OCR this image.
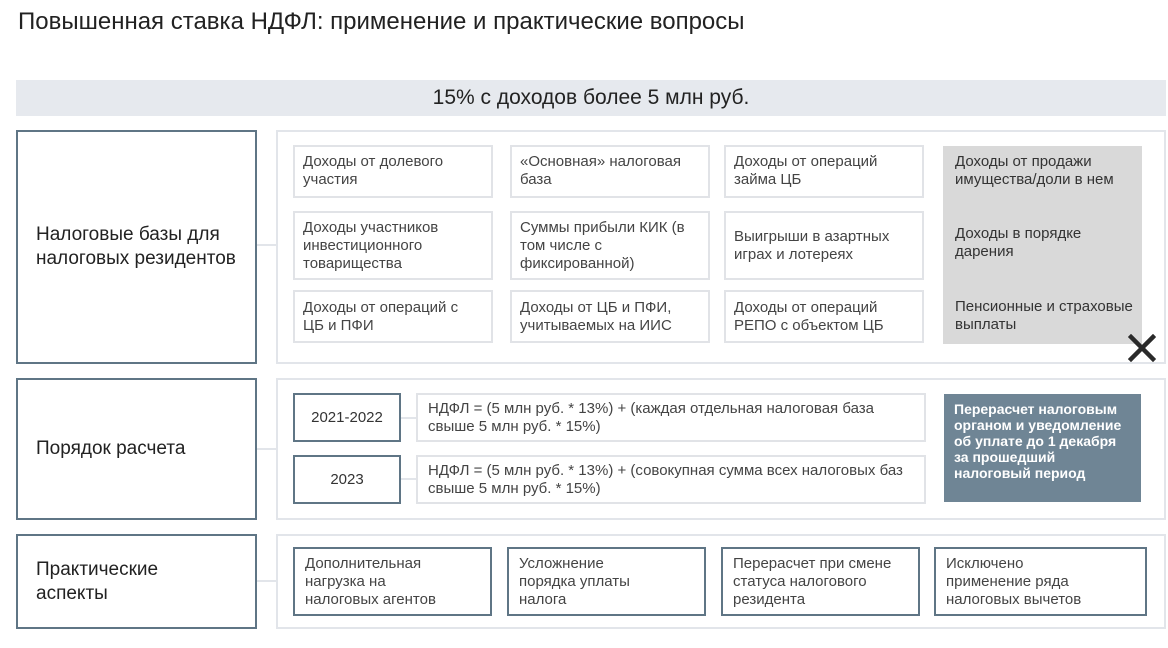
Повышенная ставка НДФЛ: применение и практические вопросы
15% с доходов более 5 млн руб.
Налоговые базы для налоговых резидентов
Доходы от долевого участия
«Основная» налоговая база
Доходы от операций займа ЦБ
Доходы участников инвестиционного товарищества
Суммы прибыли КИК (в том числе с фиксированной)
Выигрыши в азартных играх и лотереях
Доходы от операций с ЦБ и ПФИ
Доходы от ЦБ и ПФИ, учитываемых на ИИС
Доходы от операций РЕПО с объектом ЦБ
Доходы от продажи имущества/доли в нем
Доходы в порядке дарения
Пенсионные и страховые выплаты
Порядок расчета
2021-2022
НДФЛ = (5 млн руб. * 13%) + (каждая отдельная налоговая база свыше 5 млн руб. * 15%)
2023
НДФЛ = (5 млн руб. * 13%) + (совокупная сумма всех налоговых баз свыше 5 млн руб. * 15%)
Перерасчет налоговым органом и уведомление об уплате до 1 декабря за прошедший налоговый период
Практические аспекты
Дополнительная нагрузка на налоговых агентов
Усложнение порядка уплаты налога
Перерасчет при смене статуса налогового резидента
Исключено применение ряда налоговых вычетов
